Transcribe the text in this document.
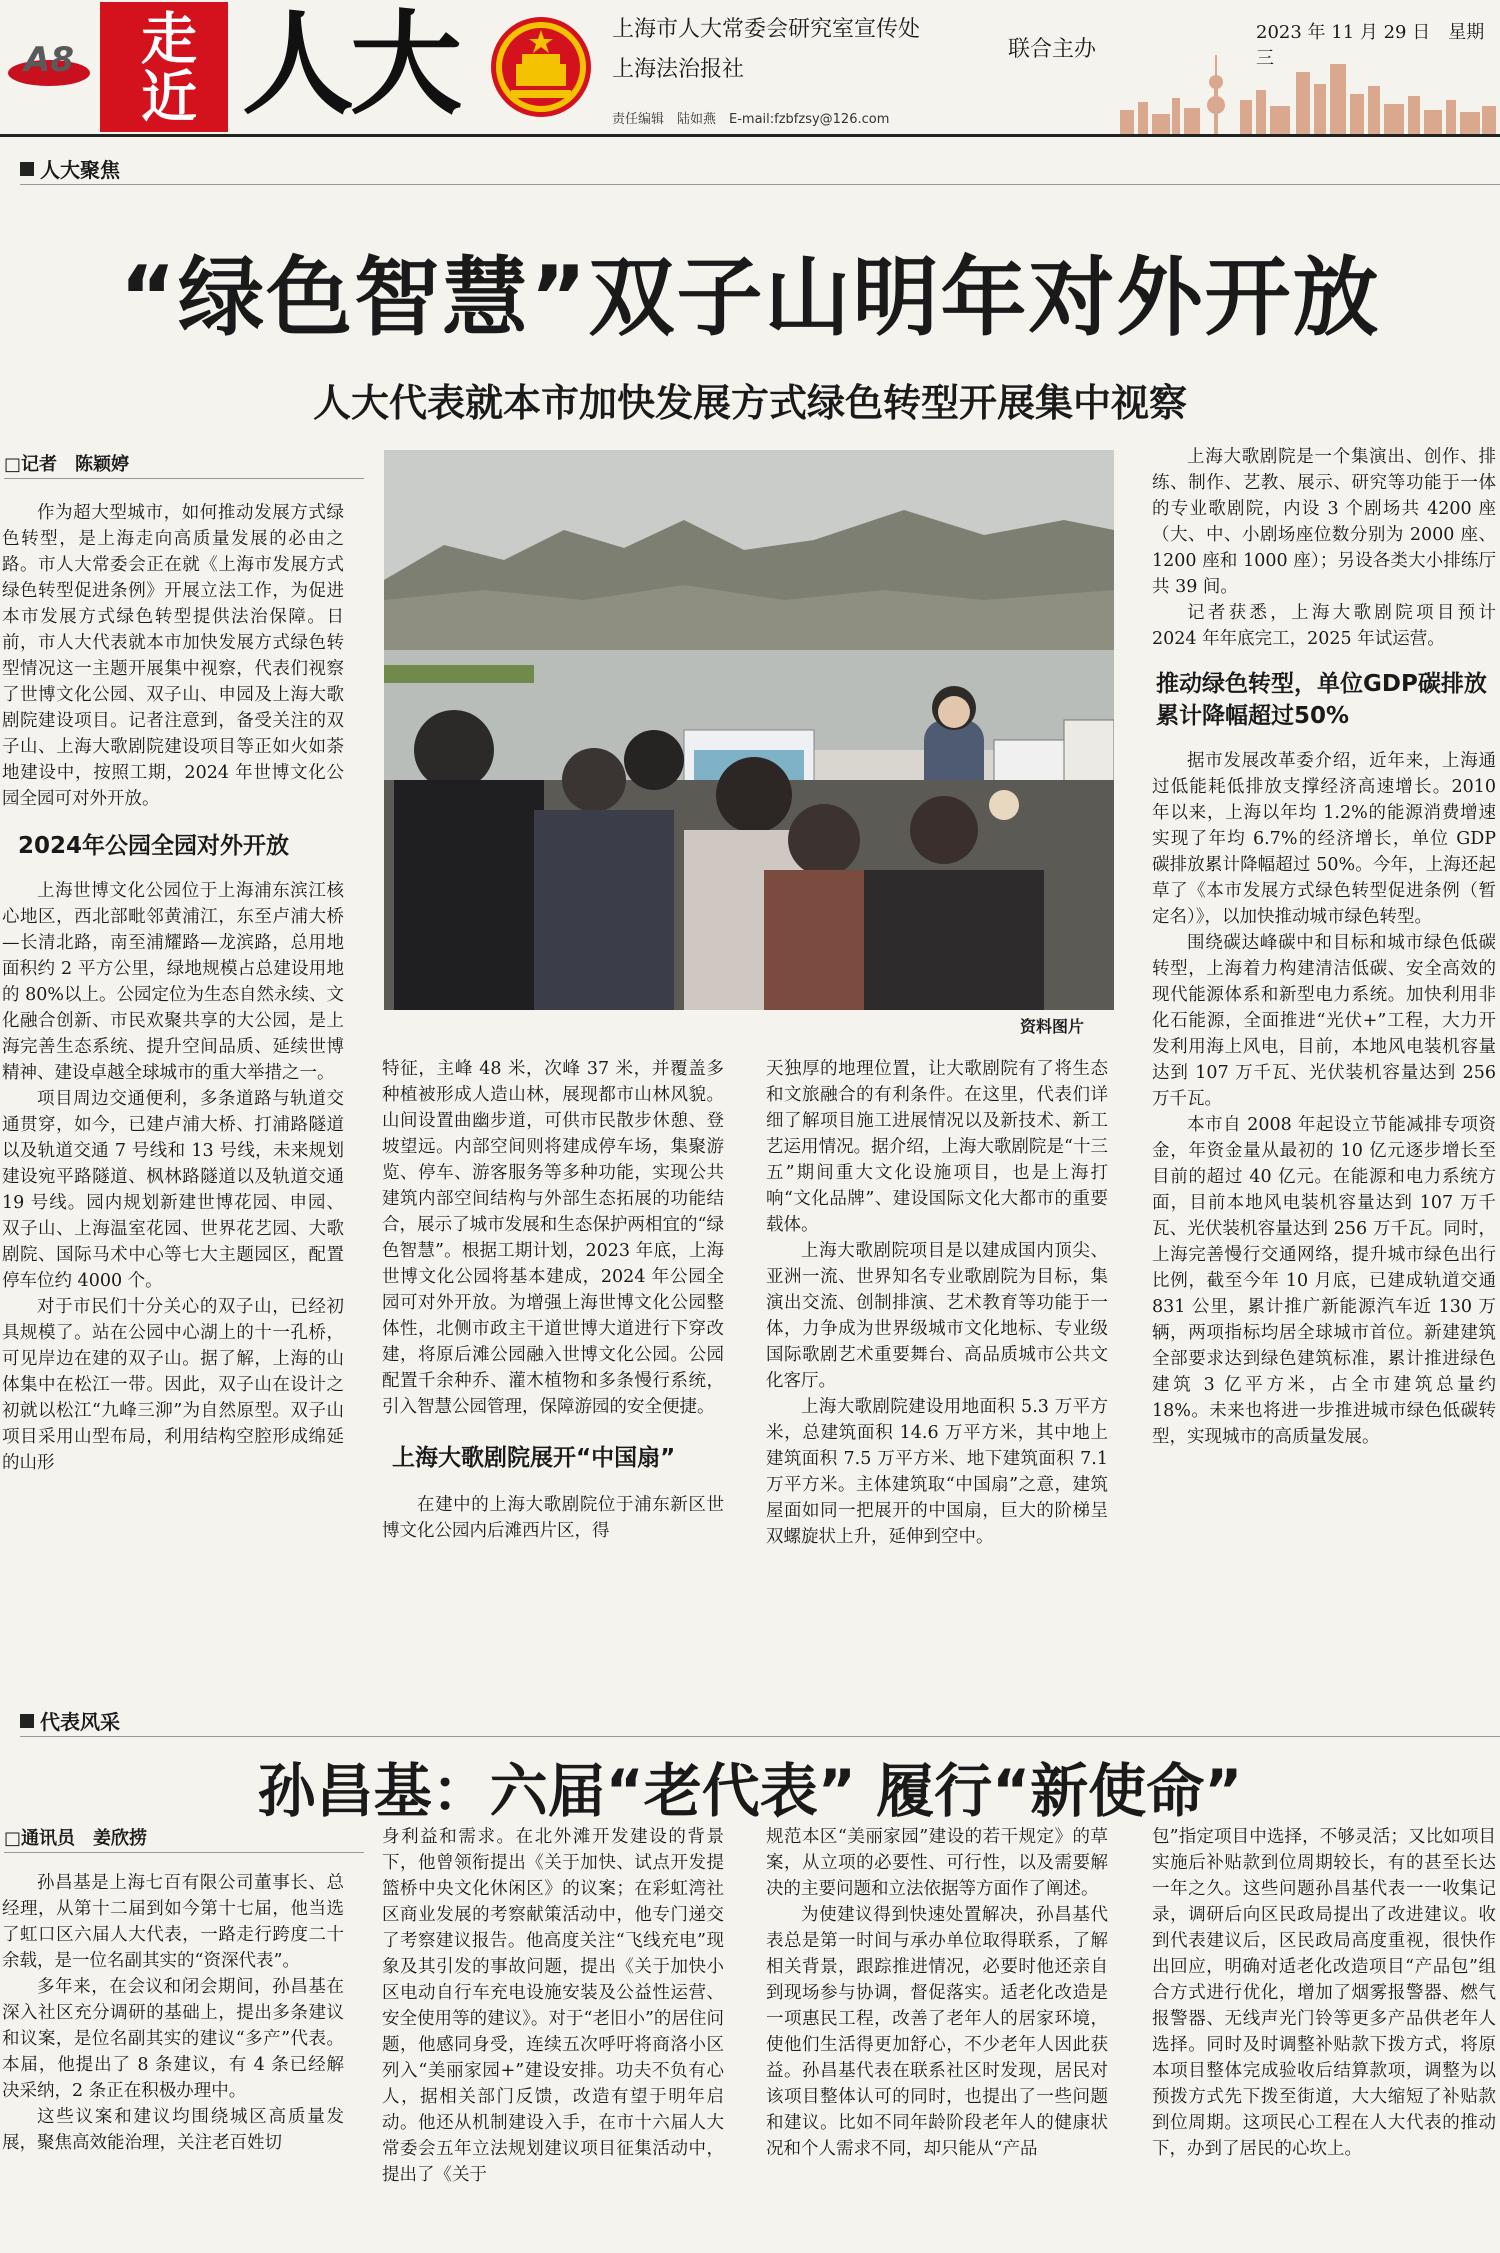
A8 走近 人大	上海市人大常委会研究室宣传处
上海法治报社
联合主办
责任编辑　陆如燕　E-mail:fzbfzsy@126.com
2023 年 11 月 29 日　星期三
人大聚焦
“绿色智慧”双子山明年对外开放
人大代表就本市加快发展方式绿色转型开展集中视察
□记者　陈颖婷

作为超大型城市，如何推动发展方式绿色转型，是上海走向高质量发展的必由之路。市人大常委会正在就《上海市发展方式绿色转型促进条例》开展立法工作，为促进本市发展方式绿色转型提供法治保障。日前，市人大代表就本市加快发展方式绿色转型情况这一主题开展集中视察，代表们视察了世博文化公园、双子山、申园及上海大歌剧院建设项目。记者注意到，备受关注的双子山、上海大歌剧院建设项目等正如火如荼地建设中，按照工期，2024 年世博文化公园全园可对外开放。

2024年公园全园对外开放

上海世博文化公园位于上海浦东滨江核心地区，西北部毗邻黄浦江，东至卢浦大桥—长清北路，南至浦耀路—龙滨路，总用地面积约 2 平方公里，绿地规模占总建设用地的 80%以上。公园定位为生态自然永续、文化融合创新、市民欢聚共享的大公园，是上海完善生态系统、提升空间品质、延续世博精神、建设卓越全球城市的重大举措之一。

项目周边交通便利，多条道路与轨道交通贯穿，如今，已建卢浦大桥、打浦路隧道以及轨道交通 7 号线和 13 号线，未来规划建设宛平路隧道、枫林路隧道以及轨道交通 19 号线。园内规划新建世博花园、申园、双子山、上海温室花园、世界花艺园、大歌剧院、国际马术中心等七大主题园区，配置停车位约 4000 个。

对于市民们十分关心的双子山，已经初具规模了。站在公园中心湖上的十一孔桥，可见岸边在建的双子山。据了解，上海的山体集中在松江一带。因此，双子山在设计之初就以松江“九峰三泖”为自然原型。双子山项目采用山型布局，利用结构空腔形成绵延的山形

资料图片

特征，主峰 48 米，次峰 37 米，并覆盖多种植被形成人造山林，展现都市山林风貌。山间设置曲幽步道，可供市民散步休憩、登坡望远。内部空间则将建成停车场，集聚游览、停车、游客服务等多种功能，实现公共建筑内部空间结构与外部生态拓展的功能结合，展示了城市发展和生态保护两相宜的“绿色智慧”。根据工期计划，2023 年底，上海世博文化公园将基本建成，2024 年公园全园可对外开放。为增强上海世博文化公园整体性，北侧市政主干道世博大道进行下穿改建，将原后滩公园融入世博文化公园。公园配置千余种乔、灌木植物和多条慢行系统，引入智慧公园管理，保障游园的安全便捷。

上海大歌剧院展开“中国扇”

在建中的上海大歌剧院位于浦东新区世博文化公园内后滩西片区，得

天独厚的地理位置，让大歌剧院有了将生态和文旅融合的有利条件。在这里，代表们详细了解项目施工进展情况以及新技术、新工艺运用情况。据介绍，上海大歌剧院是“十三五”期间重大文化设施项目，也是上海打响“文化品牌”、建设国际文化大都市的重要载体。

上海大歌剧院项目是以建成国内顶尖、亚洲一流、世界知名专业歌剧院为目标，集演出交流、创制排演、艺术教育等功能于一体，力争成为世界级城市文化地标、专业级国际歌剧艺术重要舞台、高品质城市公共文化客厅。

上海大歌剧院建设用地面积 5.3 万平方米，总建筑面积 14.6 万平方米，其中地上建筑面积 7.5 万平方米、地下建筑面积 7.1 万平方米。主体建筑取“中国扇”之意，建筑屋面如同一把展开的中国扇，巨大的阶梯呈双螺旋状上升，延伸到空中。

上海大歌剧院是一个集演出、创作、排练、制作、艺教、展示、研究等功能于一体的专业歌剧院，内设 3 个剧场共 4200 座（大、中、小剧场座位数分别为 2000 座、1200 座和 1000 座）；另设各类大小排练厅共 39 间。

记者获悉，上海大歌剧院项目预计 2024 年年底完工，2025 年试运营。

推动绿色转型，单位GDP碳排放累计降幅超过50%

据市发展改革委介绍，近年来，上海通过低能耗低排放支撑经济高速增长。2010 年以来，上海以年均 1.2%的能源消费增速实现了年均 6.7%的经济增长，单位 GDP 碳排放累计降幅超过 50%。今年，上海还起草了《本市发展方式绿色转型促进条例（暂定名）》，以加快推动城市绿色转型。

围绕碳达峰碳中和目标和城市绿色低碳转型，上海着力构建清洁低碳、安全高效的现代能源体系和新型电力系统。加快利用非化石能源，全面推进“光伏+”工程，大力开发利用海上风电，目前，本地风电装机容量达到 107 万千瓦、光伏装机容量达到 256 万千瓦。

本市自 2008 年起设立节能减排专项资金，年资金量从最初的 10 亿元逐步增长至目前的超过 40 亿元。在能源和电力系统方面，目前本地风电装机容量达到 107 万千瓦、光伏装机容量达到 256 万千瓦。同时，上海完善慢行交通网络，提升城市绿色出行比例，截至今年 10 月底，已建成轨道交通 831 公里，累计推广新能源汽车近 130 万辆，两项指标均居全球城市首位。新建建筑全部要求达到绿色建筑标准，累计推进绿色建筑 3 亿平方米，占全市建筑总量约 18%。未来也将进一步推进城市绿色低碳转型，实现城市的高质量发展。

代表风采
孙昌基：六届“老代表” 履行“新使命”
□通讯员　姜欣捞

孙昌基是上海七百有限公司董事长、总经理，从第十二届到如今第十七届，他当选了虹口区六届人大代表，一路走行跨度二十余载，是一位名副其实的“资深代表”。

多年来，在会议和闭会期间，孙昌基在深入社区充分调研的基础上，提出多条建议和议案，是位名副其实的建议“多产”代表。本届，他提出了 8 条建议，有 4 条已经解决采纳，2 条正在积极办理中。

这些议案和建议均围绕城区高质量发展，聚焦高效能治理，关注老百姓切

身利益和需求。在北外滩开发建设的背景下，他曾领衔提出《关于加快、试点开发提篮桥中央文化休闲区》的议案；在彩虹湾社区商业发展的考察献策活动中，他专门递交了考察建议报告。他高度关注“飞线充电”现象及其引发的事故问题，提出《关于加快小区电动自行车充电设施安装及公益性运营、安全使用等的建议》。对于“老旧小”的居住问题，他感同身受，连续五次呼吁将商洛小区列入“美丽家园+”建设安排。功夫不负有心人，据相关部门反馈，改造有望于明年启动。他还从机制建设入手，在市十六届人大常委会五年立法规划建议项目征集活动中，提出了《关于

规范本区“美丽家园”建设的若干规定》的草案，从立项的必要性、可行性，以及需要解决的主要问题和立法依据等方面作了阐述。

为使建议得到快速处置解决，孙昌基代表总是第一时间与承办单位取得联系，了解相关背景，跟踪推进情况，必要时他还亲自到现场参与协调，督促落实。适老化改造是一项惠民工程，改善了老年人的居家环境，使他们生活得更加舒心，不少老年人因此获益。孙昌基代表在联系社区时发现，居民对该项目整体认可的同时，也提出了一些问题和建议。比如不同年龄阶段老年人的健康状况和个人需求不同，却只能从“产品

包”指定项目中选择，不够灵活；又比如项目实施后补贴款到位周期较长，有的甚至长达一年之久。这些问题孙昌基代表一一收集记录，调研后向区民政局提出了改进建议。收到代表建议后，区民政局高度重视，很快作出回应，明确对适老化改造项目“产品包”组合方式进行优化，增加了烟雾报警器、燃气报警器、无线声光门铃等更多产品供老年人选择。同时及时调整补贴款下拨方式，将原本项目整体完成验收后结算款项，调整为以预拨方式先下拨至街道，大大缩短了补贴款到位周期。这项民心工程在人大代表的推动下，办到了居民的心坎上。
